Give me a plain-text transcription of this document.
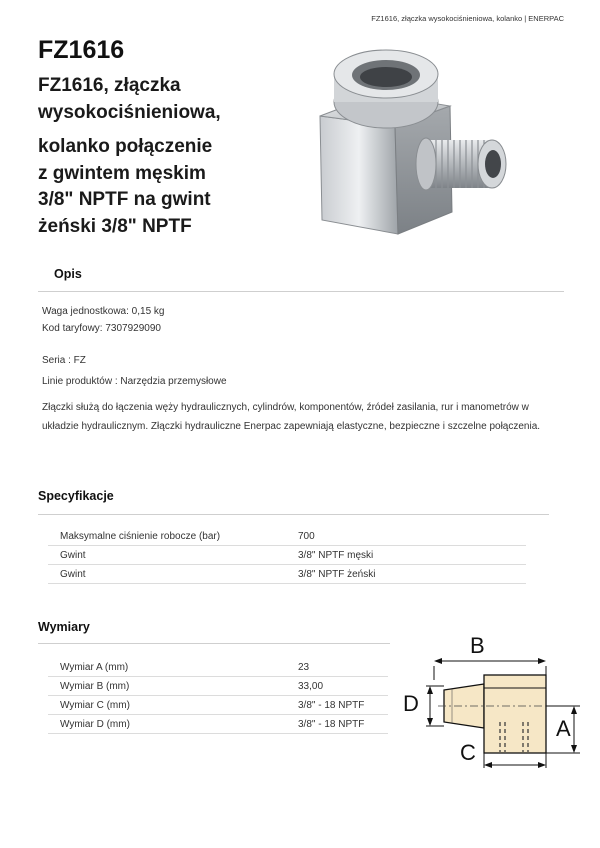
FZ1616, złączka wysokociśnieniowa, kolanko | ENERPAC
FZ1616
FZ1616, złączka
wysokociśnieniowa,
kolanko połączenie
z gwintem męskim
3/8" NPTF na gwint
żeński 3/8" NPTF
Opis
Waga jednostkowa: 0,15 kg
Kod taryfowy: 7307929090
Seria : FZ
Linie produktów : Narzędzia przemysłowe
Złączki służą do łączenia węży hydraulicznych, cylindrów, komponentów, źródeł zasilania, rur i manometrów w układzie hydraulicznym. Złączki hydrauliczne Enerpac zapewniają elastyczne, bezpieczne i szczelne połączenia.
Specyfikacje
Maksymalne ciśnienie robocze (bar)	700
Gwint	3/8" NPTF męski
Gwint	3/8" NPTF żeński
Wymiary
Wymiar A (mm)	23
Wymiar B (mm)	33,00
Wymiar C (mm)	3/8" - 18 NPTF
Wymiar D (mm)	3/8" - 18 NPTF
B
D
A
C
